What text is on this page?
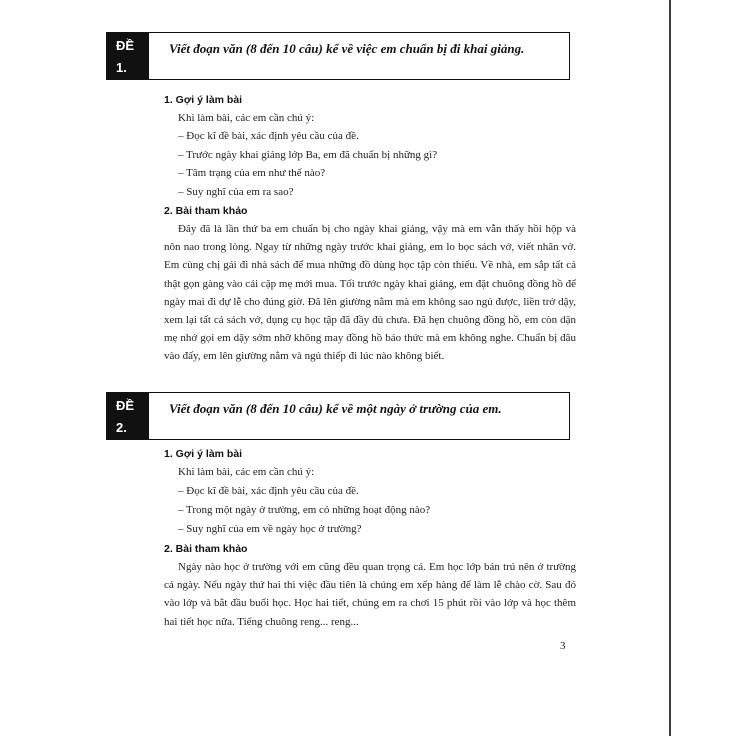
ĐỀ
1.
Viết đoạn văn (8 đến 10 câu) kể về việc em chuẩn bị đi khai giảng.
1. Gợi ý làm bài
Khi làm bài, các em cần chú ý:
– Đọc kĩ đề bài, xác định yêu cầu của đề.
– Trước ngày khai giảng lớp Ba, em đã chuẩn bị những gì?
– Tâm trạng của em như thế nào?
– Suy nghĩ của em ra sao?
2. Bài tham khảo
Đây đã là lần thứ ba em chuẩn bị cho ngày khai giảng, vậy mà em vẫn thấy hồi hộp và nôn nao trong lòng. Ngay từ những ngày trước khai giảng, em lo bọc sách vở, viết nhãn vở. Em cùng chị gái đi nhà sách để mua những đồ dùng học tập còn thiếu. Về nhà, em sắp tất cả thật gọn gàng vào cái cặp mẹ mới mua. Tối trước ngày khai giảng, em đặt chuông đồng hồ để ngày mai đi dự lễ cho đúng giờ. Đã lên giường nằm mà em không sao ngủ được, liền trở dậy, xem lại tất cả sách vở, dụng cụ học tập đã đầy đủ chưa. Đã hẹn chuông đồng hồ, em còn dặn mẹ nhớ gọi em dậy sớm nhỡ không may đồng hồ báo thức mà em không nghe. Chuẩn bị đâu vào đấy, em lên giường nằm và ngủ thiếp đi lúc nào không biết.
ĐỀ
2.
Viết đoạn văn (8 đến 10 câu) kể về một ngày ở trường của em.
1. Gợi ý làm bài
Khi làm bài, các em cần chú ý:
– Đọc kĩ đề bài, xác định yêu cầu của đề.
– Trong một ngày ở trường, em có những hoạt động nào?
– Suy nghĩ của em về ngày học ở trường?
2. Bài tham khảo
Ngày nào học ở trường với em cũng đều quan trọng cả. Em học lớp bán trú nên ở trường cả ngày. Nếu ngày thứ hai thì việc đầu tiên là chúng em xếp hàng để làm lễ chào cờ. Sau đó vào lớp và bắt đầu buổi học. Học hai tiết, chúng em ra chơi 15 phút rồi vào lớp và học thêm hai tiết học nữa. Tiếng chuông reng... reng...
3
